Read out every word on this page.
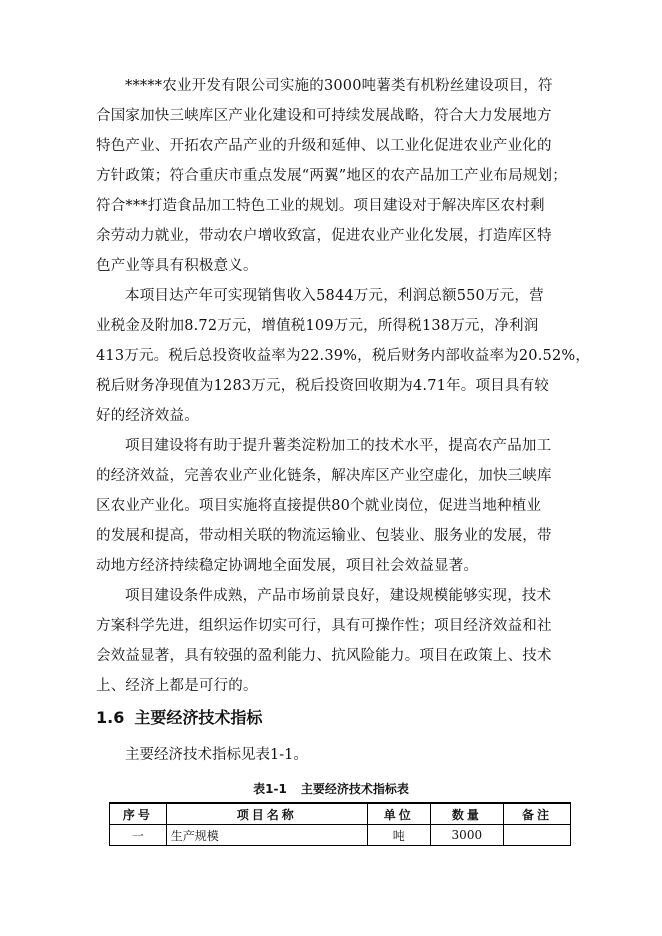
*****农业开发有限公司实施的3000吨薯类有机粉丝建设项目，符
合国家加快三峡库区产业化建设和可持续发展战略，符合大力发展地方
特色产业、开拓农产品产业的升级和延伸、以工业化促进农业产业化的
方针政策；符合重庆市重点发展“两翼”地区的农产品加工产业布局规划；
符合***打造食品加工特色工业的规划。项目建设对于解决库区农村剩
余劳动力就业，带动农户增收致富，促进农业产业化发展，打造库区特
色产业等具有积极意义。
本项目达产年可实现销售收入5844万元，利润总额550万元，营
业税金及附加8.72万元，增值税109万元，所得税138万元，净利润
413万元。税后总投资收益率为22.39%，税后财务内部收益率为20.52%，
税后财务净现值为1283万元，税后投资回收期为4.71年。项目具有较
好的经济效益。
项目建设将有助于提升薯类淀粉加工的技术水平，提高农产品加工
的经济效益，完善农业产业化链条，解决库区产业空虚化，加快三峡库
区农业产业化。项目实施将直接提供80个就业岗位，促进当地种植业
的发展和提高，带动相关联的物流运输业、包装业、服务业的发展，带
动地方经济持续稳定协调地全面发展，项目社会效益显著。
项目建设条件成熟，产品市场前景良好，建设规模能够实现，技术
方案科学先进，组织运作切实可行，具有可操作性；项目经济效益和社
会效益显著，具有较强的盈利能力、抗风险能力。项目在政策上、技术
上、经济上都是可行的。
1.6 主要经济技术指标
主要经济技术指标见表1-1。
表1-1 主要经济技术指标表
序号	项目名称	单位	数量	备注
一	生产规模	吨	3000	
